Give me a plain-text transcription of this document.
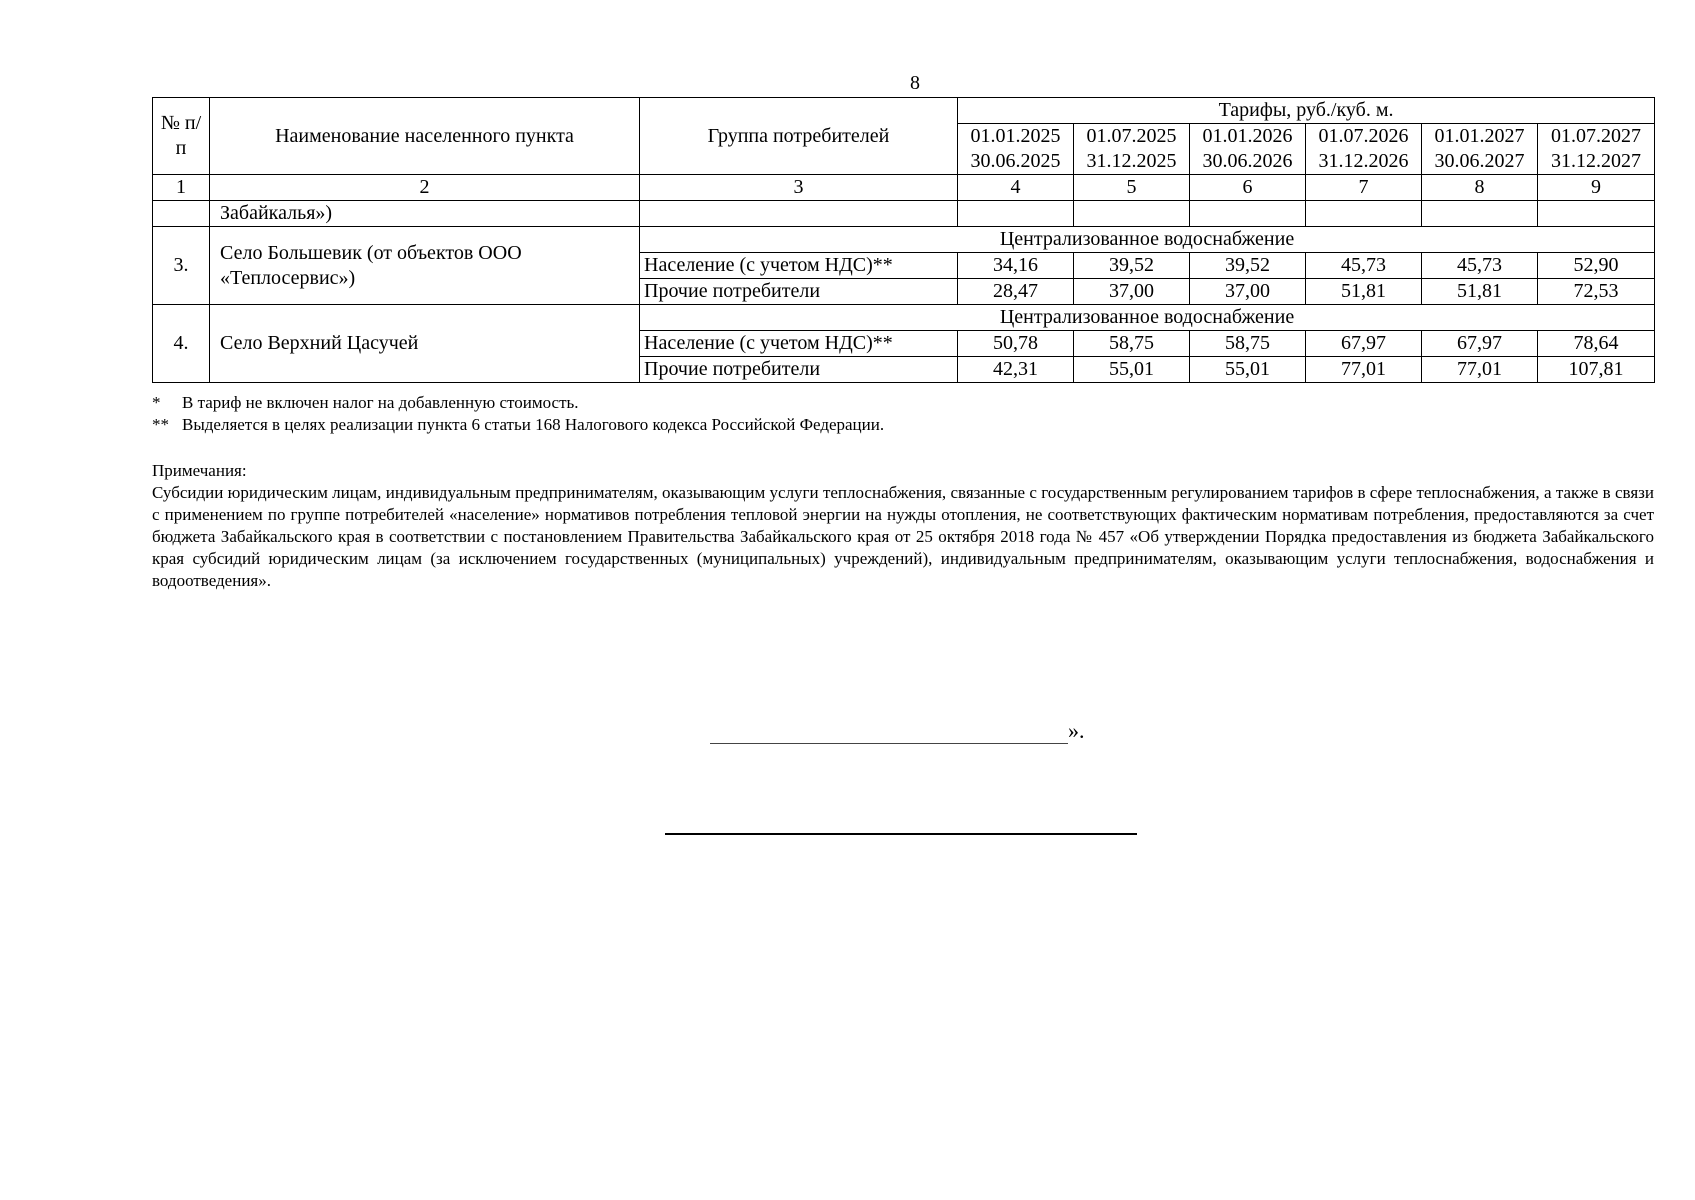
8
№ п/п	Наименование населенного пункта	Группа потребителей	Тарифы, руб./куб. м.					
			01.01.2025	01.07.2025	01.01.2026	01.07.2026	01.01.2027	01.07.2027
			30.06.2025	31.12.2025	30.06.2026	31.12.2026	30.06.2027	31.12.2027
1	2	3	4	5	6	7	8	9
	Забайкалья»)							
3.	Село Большевик (от объектов ООО «Теплосервис»)	Централизованное водоснабжение						
		Население (с учетом НДС)**	34,16	39,52	39,52	45,73	45,73	52,90
		Прочие потребители	28,47	37,00	37,00	51,81	51,81	72,53
4.	Село Верхний Цасучей	Централизованное водоснабжение						
		Население (с учетом НДС)**	50,78	58,75	58,75	67,97	67,97	78,64
		Прочие потребители	42,31	55,01	55,01	77,01	77,01	107,81
* В тариф не включен налог на добавленную стоимость.
** Выделяется в целях реализации пункта 6 статьи 168 Налогового кодекса Российской Федерации.
Примечания:
Субсидии юридическим лицам, индивидуальным предпринимателям, оказывающим услуги теплоснабжения, связанные с государственным регулированием тарифов в сфере теплоснабжения, а также в связи с применением по группе потребителей «население» нормативов потребления тепловой энергии на нужды отопления, не соответствующих фактическим нормативам потребления, предоставляются за счет бюджета Забайкальского края в соответствии с постановлением Правительства Забайкальского края от 25 октября 2018 года № 457 «Об утверждении Порядка предоставления из бюджета Забайкальского края субсидий юридическим лицам (за исключением государственных (муниципальных) учреждений), индивидуальным предпринимателям, оказывающим услуги теплоснабжения, водоснабжения и водоотведения».
».
